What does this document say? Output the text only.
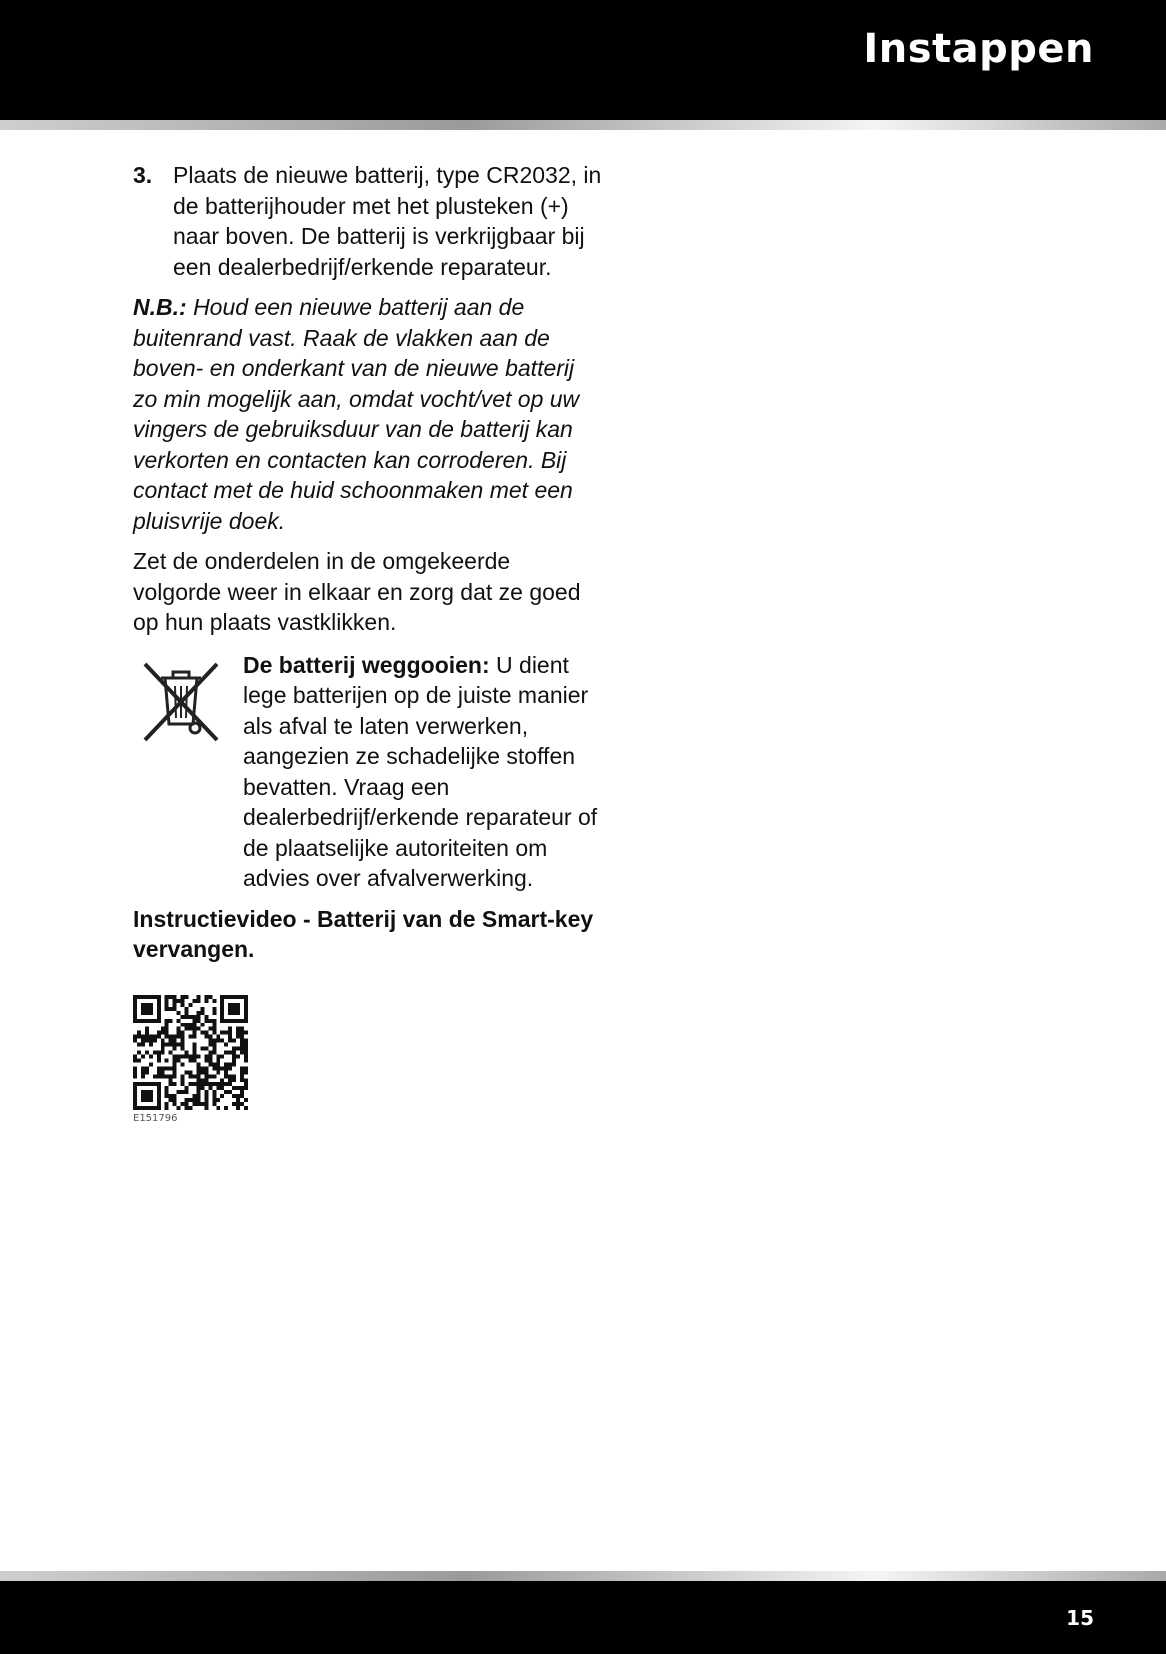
Instappen
3. Plaats de nieuwe batterij, type CR2032, in de batterijhouder met het plusteken (+) naar boven. De batterij is verkrijgbaar bij een dealerbedrijf/erkende reparateur.
N.B.: Houd een nieuwe batterij aan de buitenrand vast. Raak de vlakken aan de boven- en onderkant van de nieuwe batterij zo min mogelijk aan, omdat vocht/vet op uw vingers de gebruiksduur van de batterij kan verkorten en contacten kan corroderen. Bij contact met de huid schoonmaken met een pluisvrije doek.
Zet de onderdelen in de omgekeerde volgorde weer in elkaar en zorg dat ze goed op hun plaats vastklikken.
De batterij weggooien: U dient lege batterijen op de juiste manier als afval te laten verwerken, aangezien ze schadelijke stoffen bevatten. Vraag een dealerbedrijf/erkende reparateur of de plaatselijke autoriteiten om advies over afvalverwerking.
Instructievideo - Batterij van de Smart-key vervangen.
E151796
15
